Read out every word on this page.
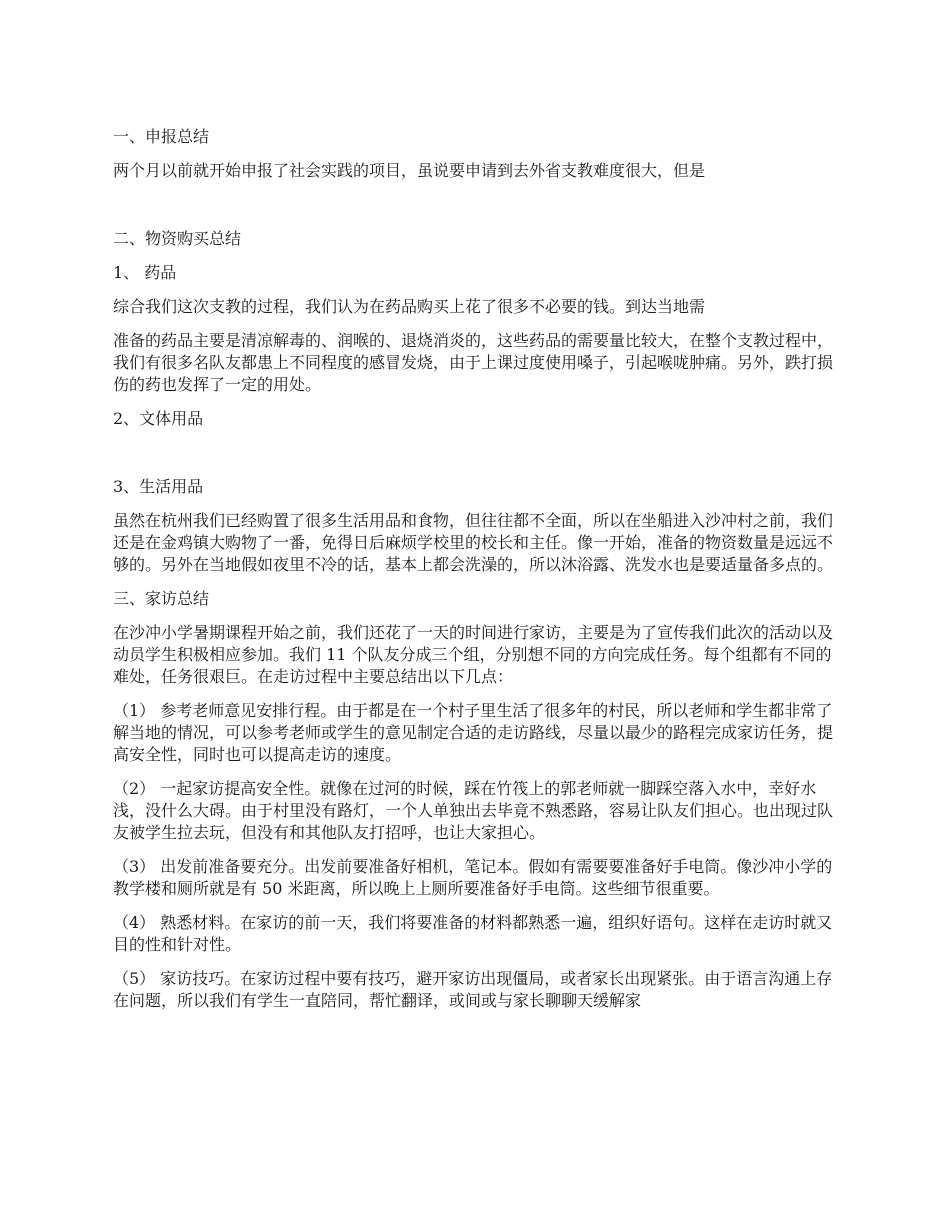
一、申报总结

两个月以前就开始申报了社会实践的项目，虽说要申请到去外省支教难度很大，但是

二、物资购买总结

1、 药品

综合我们这次支教的过程，我们认为在药品购买上花了很多不必要的钱。到达当地需

准备的药品主要是清凉解毒的、润喉的、退烧消炎的，这些药品的需要量比较大，在整个支教过程中，我们有很多名队友都患上不同程度的感冒发烧，由于上课过度使用嗓子，引起喉咙肿痛。另外，跌打损伤的药也发挥了一定的用处。

2、文体用品

3、生活用品

虽然在杭州我们已经购置了很多生活用品和食物，但往往都不全面，所以在坐船进入沙冲村之前，我们还是在金鸡镇大购物了一番，免得日后麻烦学校里的校长和主任。像一开始，准备的物资数量是远远不够的。另外在当地假如夜里不冷的话，基本上都会洗澡的，所以沐浴露、洗发水也是要适量备多点的。

三、家访总结

在沙冲小学暑期课程开始之前，我们还花了一天的时间进行家访，主要是为了宣传我们此次的活动以及动员学生积极相应参加。我们 11 个队友分成三个组，分别想不同的方向完成任务。每个组都有不同的难处，任务很艰巨。在走访过程中主要总结出以下几点：

（1） 参考老师意见安排行程。由于都是在一个村子里生活了很多年的村民，所以老师和学生都非常了解当地的情况，可以参考老师或学生的意见制定合适的走访路线，尽量以最少的路程完成家访任务，提高安全性，同时也可以提高走访的速度。

（2） 一起家访提高安全性。就像在过河的时候，踩在竹筏上的郭老师就一脚踩空落入水中，幸好水浅，没什么大碍。由于村里没有路灯，一个人单独出去毕竟不熟悉路，容易让队友们担心。也出现过队友被学生拉去玩，但没有和其他队友打招呼，也让大家担心。

（3） 出发前准备要充分。出发前要准备好相机，笔记本。假如有需要要准备好手电筒。像沙冲小学的教学楼和厕所就是有 50 米距离，所以晚上上厕所要准备好手电筒。这些细节很重要。

（4） 熟悉材料。在家访的前一天，我们将要准备的材料都熟悉一遍，组织好语句。这样在走访时就又目的性和针对性。

（5） 家访技巧。在家访过程中要有技巧，避开家访出现僵局，或者家长出现紧张。由于语言沟通上存在问题，所以我们有学生一直陪同，帮忙翻译，或间或与家长聊聊天缓解家
